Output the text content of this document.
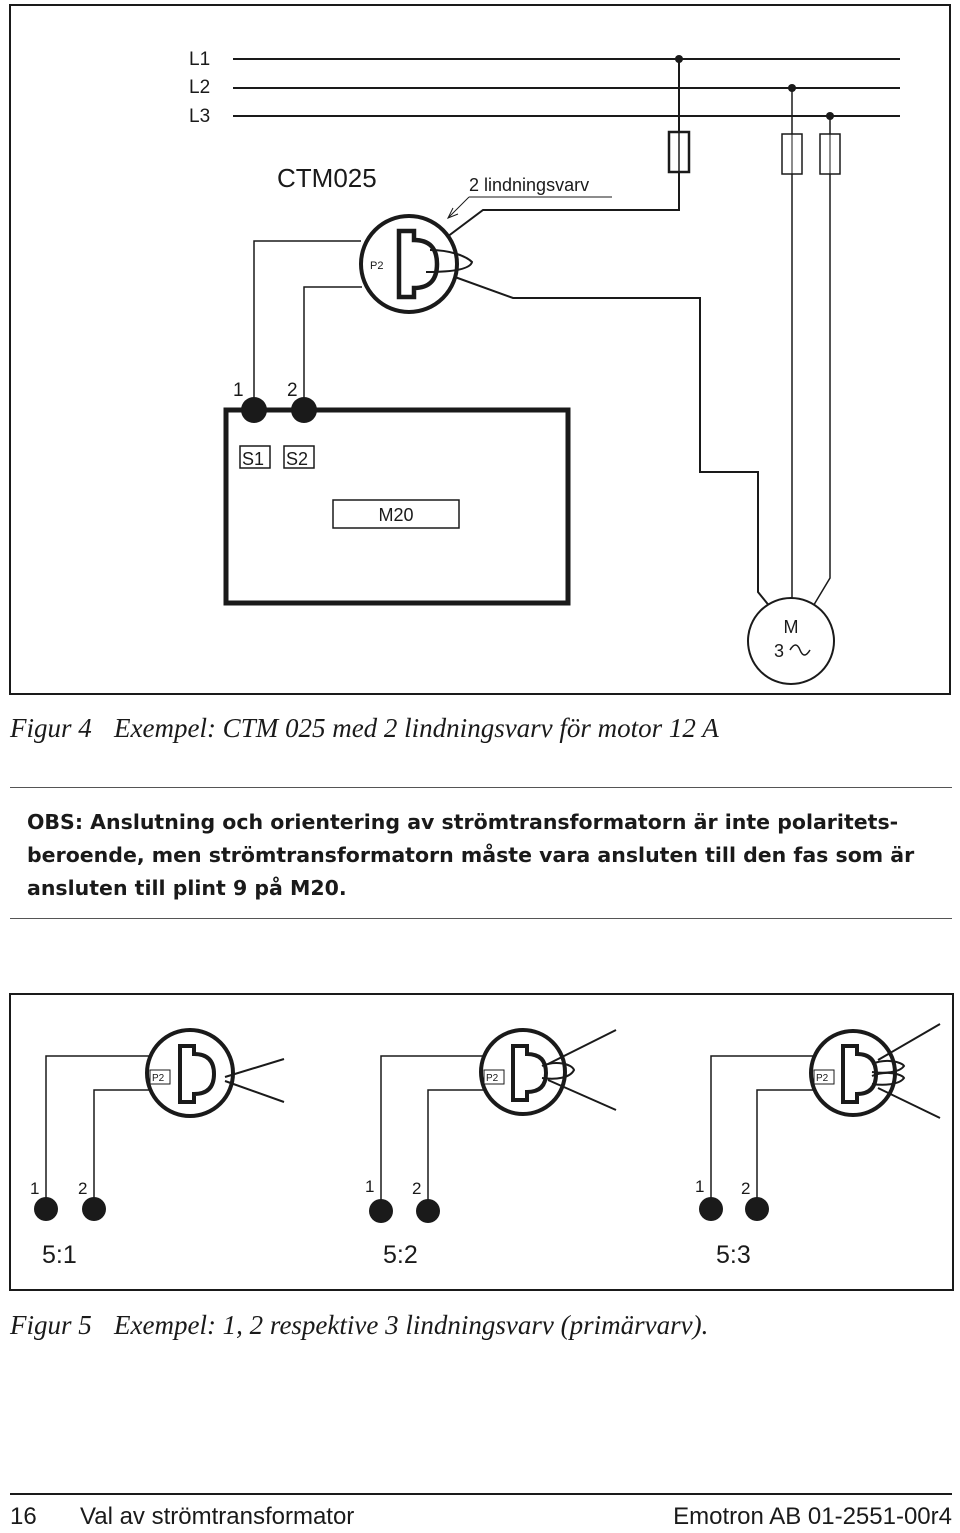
L1
L2
L3
CTM025	2 lindningsvarv
P2
1 2
S1 S2
M20
M
3
Figur 4 Exempel: CTM 025 med 2 lindningsvarv för motor 12 A
OBS: Anslutning och orientering av strömtransformatorn är inte polaritetsberoende, men strömtransformatorn måste vara ansluten till den fas som är ansluten till plint 9 på M20.
P2
1 2
5:1
P2
1 2
5:2
P2
1 2
5:3
Figur 5 Exempel: 1, 2 respektive 3 lindningsvarv (primärvarv).
16 Val av strömtransformator	Emotron AB 01-2551-00r4
